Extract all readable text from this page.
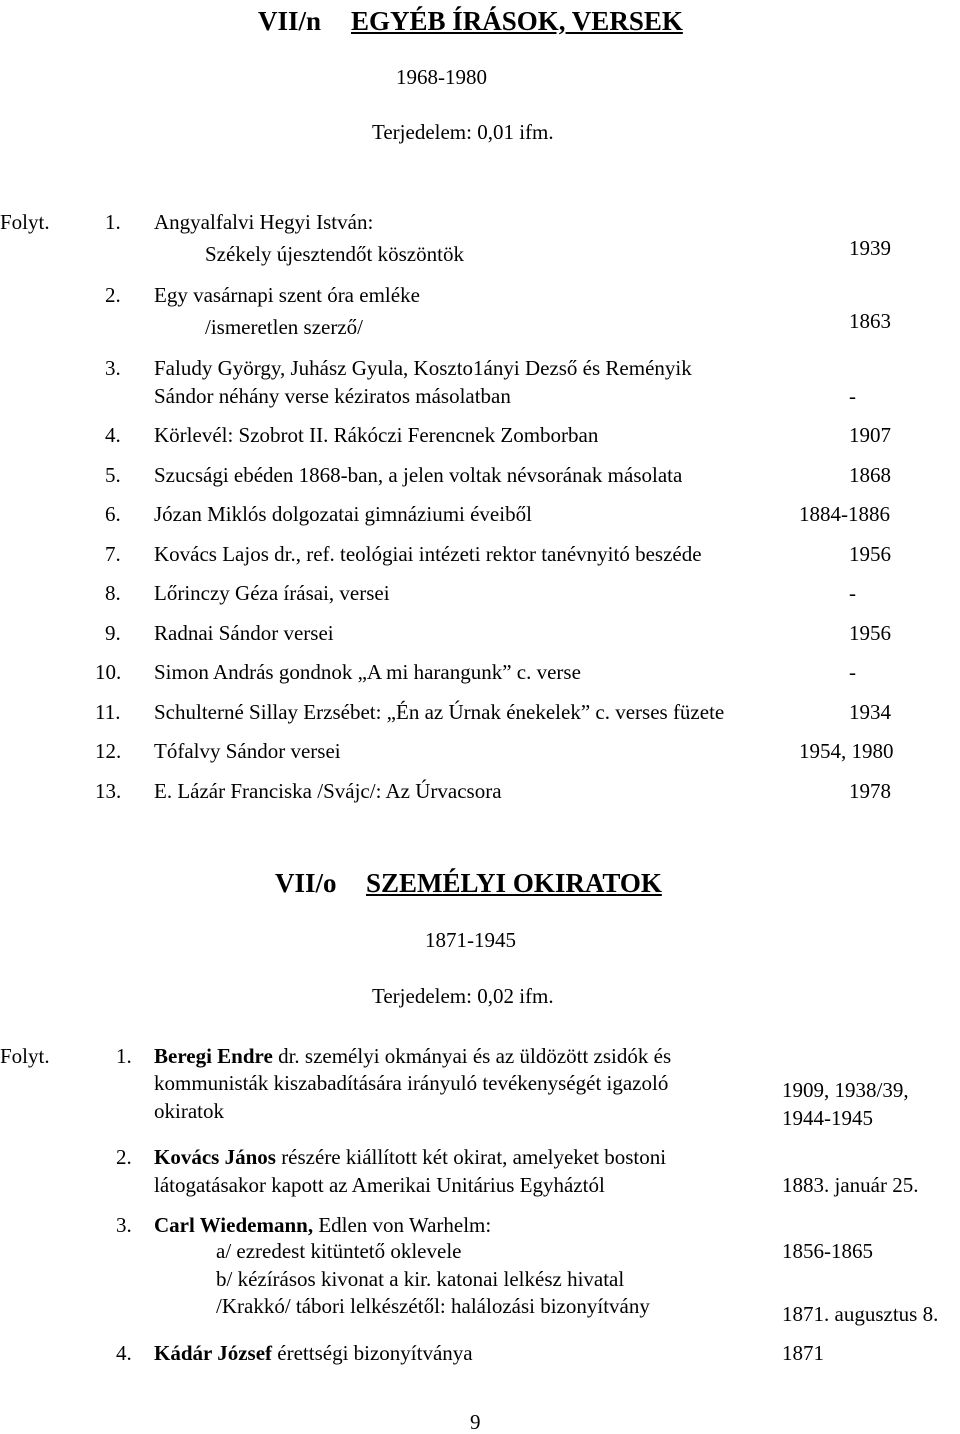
VII/n EGYÉB ÍRÁSOK, VERSEK
1968-1980
Terjedelem: 0,01 ifm.
Folyt.	1. Angyalfalvi Hegyi István:
Székely újesztendőt köszöntök	1939
2. Egy vasárnapi szent óra emléke
/ismeretlen szerző/	1863
3. Faludy György, Juhász Gyula, Koszto1ányi Dezső és Reményik
Sándor néhány verse kéziratos másolatban	-
4. Körlevél: Szobrot II. Rákóczi Ferencnek Zomborban	1907
5. Szucsági ebéden 1868-ban, a jelen voltak névsorának másolata	1868
6. Józan Miklós dolgozatai gimnáziumi éveiből	1884-1886
7. Kovács Lajos dr., ref. teológiai intézeti rektor tanévnyitó beszéde	1956
8. Lőrinczy Géza írásai, versei	-
9. Radnai Sándor versei	1956
10. Simon András gondnok „A mi harangunk” c. verse	-
11. Schulterné Sillay Erzsébet: „Én az Úrnak énekelek” c. verses füzete	1934
12. Tófalvy Sándor versei	1954, 1980
13. E. Lázár Franciska /Svájc/: Az Úrvacsora	1978
VII/o SZEMÉLYI OKIRATOK
1871-1945
Terjedelem: 0,02 ifm.
Folyt.	1. Beregi Endre dr. személyi okmányai és az üldözött zsidók és
kommunisták kiszabadítására irányuló tevékenységét igazoló
okiratok
1909, 1938/39,
1944-1945
2. Kovács János részére kiállított két okirat, amelyeket bostoni
látogatásakor kapott az Amerikai Unitárius Egyháztól	1883. január 25.
3. Carl Wiedemann, Edlen von Warhelm:
a/ ezredest kitüntető oklevele	1856-1865
b/ kézírásos kivonat a kir. katonai lelkész hivatal
/Krakkó/ tábori lelkészétől: halálozási bizonyítvány	1871. augusztus 8.
4. Kádár József érettségi bizonyítványa	1871
9
